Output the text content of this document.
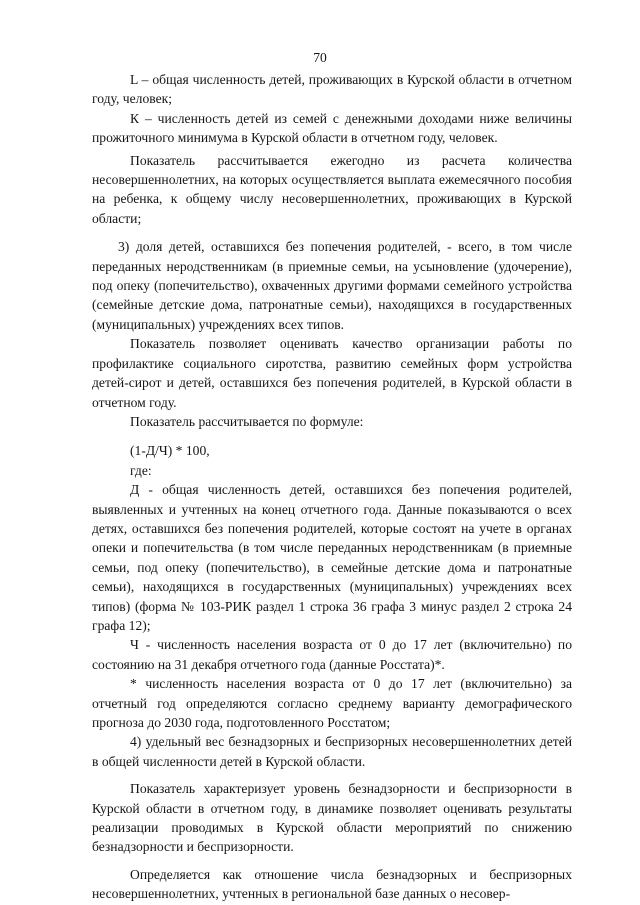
70

L – общая численность детей, проживающих в Курской области в отчетном году, человек;

К – численность детей из семей с денежными доходами ниже величины прожиточного минимума в Курской области в отчетном году, человек.

Показатель рассчитывается ежегодно из расчета количества несовершеннолетних, на которых осуществляется выплата ежемесячного пособия на ребенка, к общему числу несовершеннолетних, проживающих в Курской области;

3) доля детей, оставшихся без попечения родителей, - всего, в том числе переданных неродственникам (в приемные семьи, на усыновление (удочерение), под опеку (попечительство), охваченных другими формами семейного устройства (семейные детские дома, патронатные семьи), находящихся в государственных (муниципальных) учреждениях всех типов.

Показатель позволяет оценивать качество организации работы по профилактике социального сиротства, развитию семейных форм устройства детей-сирот и детей, оставшихся без попечения родителей, в Курской области в отчетном году.

Показатель рассчитывается по формуле:

(1-Д/Ч) * 100,

где:

Д - общая численность детей, оставшихся без попечения родителей, выявленных и учтенных на конец отчетного года. Данные показываются о всех детях, оставшихся без попечения родителей, которые состоят на учете в органах опеки и попечительства (в том числе переданных неродственникам (в приемные семьи, под опеку (попечительство), в семейные детские дома и патронатные семьи), находящихся в государственных (муниципальных) учреждениях всех типов) (форма № 103-РИК раздел 1 строка 36 графа 3 минус раздел 2 строка 24 графа 12);

Ч - численность населения возраста от 0 до 17 лет (включительно) по состоянию на 31 декабря отчетного года (данные Росстата)*.

* численность населения возраста от 0 до 17 лет (включительно) за отчетный год определяются согласно среднему варианту демографического прогноза до 2030 года, подготовленного Росстатом;

4) удельный вес безнадзорных и беспризорных несовершеннолетних детей в общей численности детей в Курской области.

Показатель характеризует уровень безнадзорности и беспризорности в Курской области в отчетном году, в динамике позволяет оценивать результаты реализации проводимых в Курской области мероприятий по снижению безнадзорности и беспризорности.

Определяется как отношение числа безнадзорных и беспризорных несовершеннолетних, учтенных в региональной базе данных о несовер-
